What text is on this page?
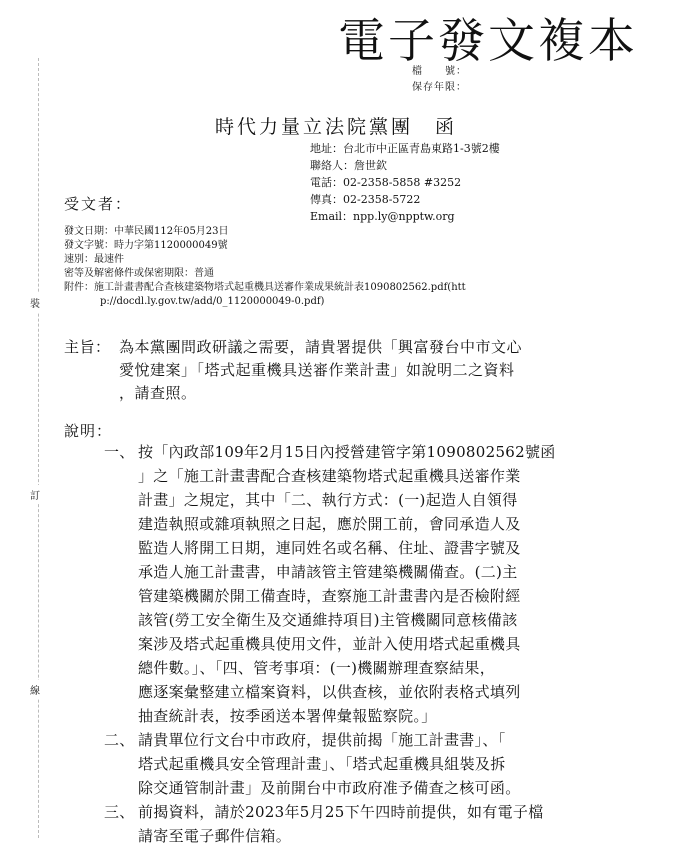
電子發文複本
檔　　號：
保存年限：
裝
訂
線
時代力量立法院黨團　函
地址：台北市中正區青島東路1-3號2樓
聯絡人：詹世欽
電話：02-2358-5858 #3252
傳真：02-2358-5722
Email：npp.ly@npptw.org
受文者：
發文日期：中華民國112年05月23日
發文字號：時力字第1120000049號
速別：最速件
密等及解密條件或保密期限：普通
附件：施工計畫書配合查核建築物塔式起重機具送審作業成果統計表1090802562.pdf(htt
p://docdl.ly.gov.tw/add/0_1120000049-0.pdf)
主旨： 為本黨團問政研議之需要，請貴署提供「興富發台中市文心
愛悅建案」「塔式起重機具送審作業計畫」如說明二之資料
，請查照。
說明：
一、 按「內政部109年2月15日內授營建管字第1090802562號函
」之「施工計畫書配合查核建築物塔式起重機具送審作業
計畫」之規定，其中「二、執行方式：(一)起造人自領得
建造執照或雜項執照之日起，應於開工前，會同承造人及
監造人將開工日期，連同姓名或名稱、住址、證書字號及
承造人施工計畫書，申請該管主管建築機關備查。(二)主
管建築機關於開工備查時，查察施工計畫書內是否檢附經
該管(勞工安全衛生及交通維持項目)主管機關同意核備該
案涉及塔式起重機具使用文件，並計入使用塔式起重機具
總件數。」、「四、管考事項：(一)機關辦理查察結果，
應逐案彙整建立檔案資料，以供查核，並依附表格式填列
抽查統計表，按季函送本署俾彙報監察院。」
二、 請貴單位行文台中市政府，提供前揭「施工計畫書」、「
塔式起重機具安全管理計畫」、「塔式起重機具組裝及拆
除交通管制計畫」及前開台中市政府准予備查之核可函。
三、 前揭資料，請於2023年5月25下午四時前提供，如有電子檔
請寄至電子郵件信箱。
